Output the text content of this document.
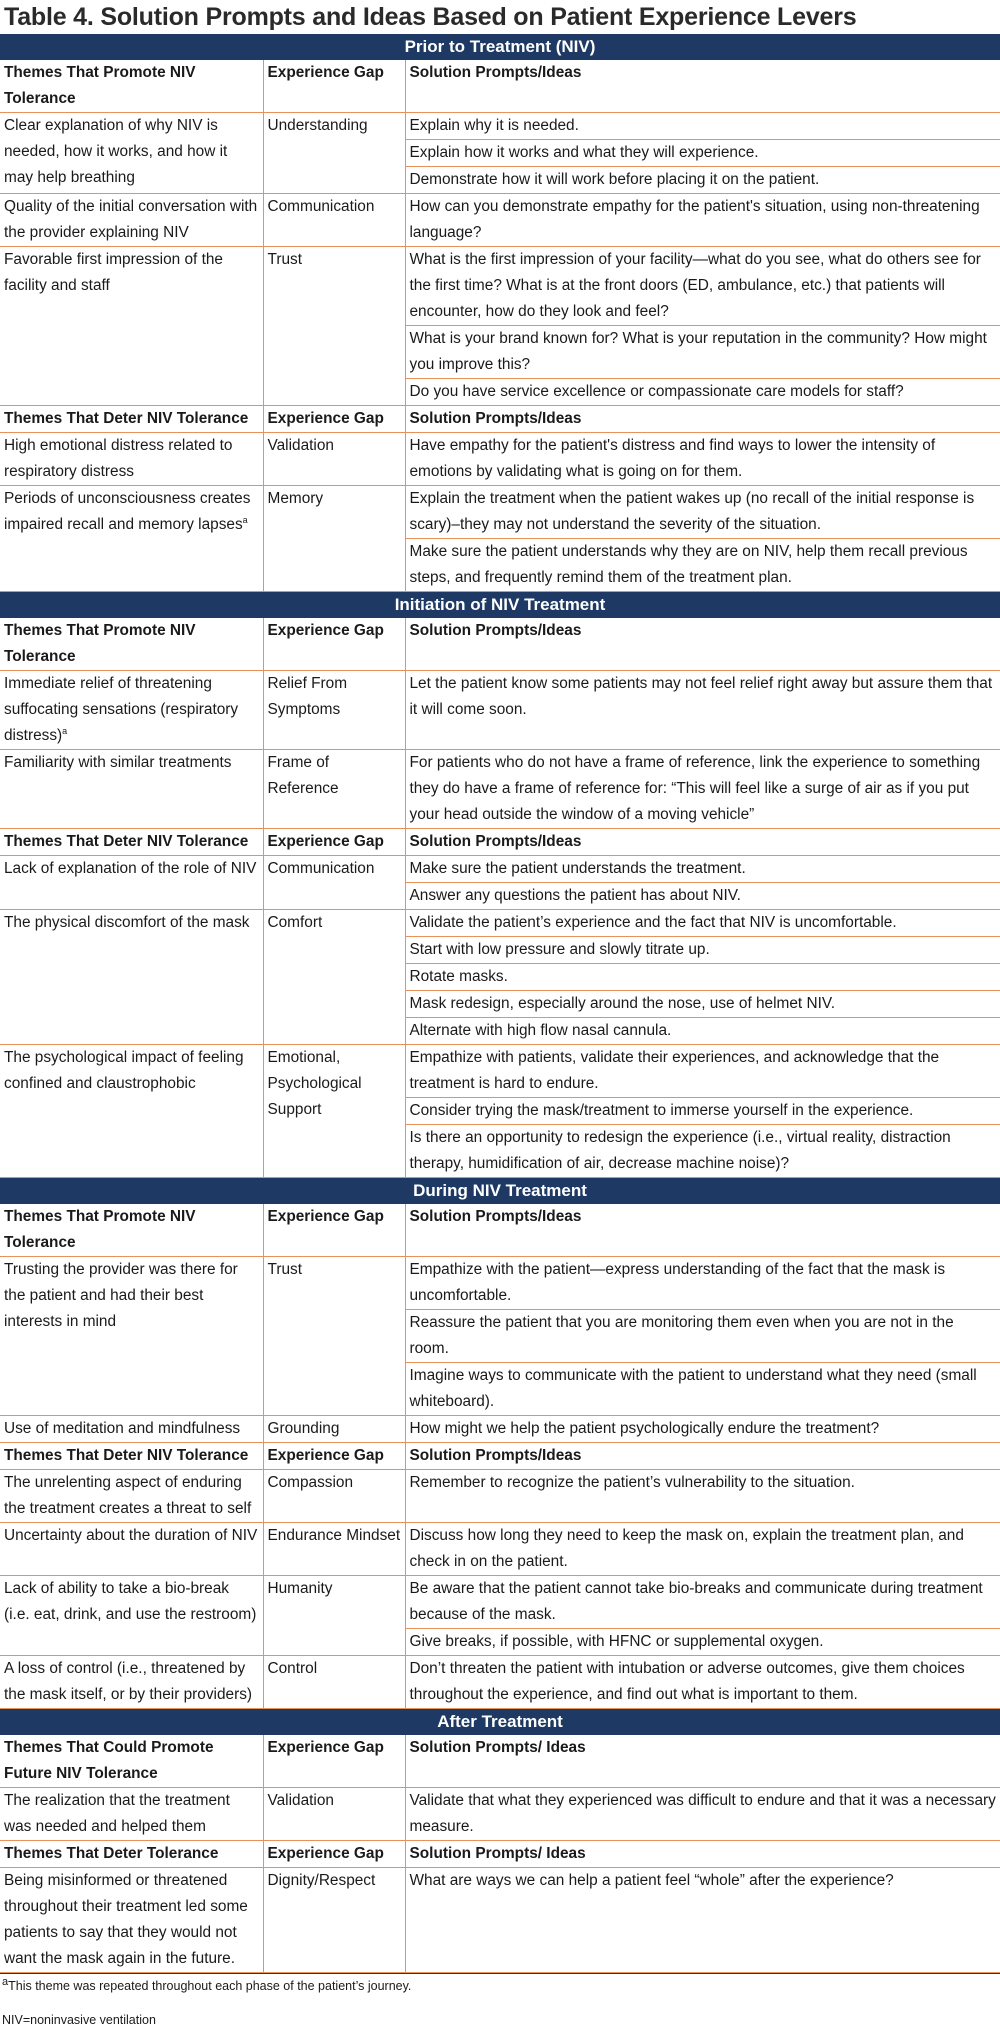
Table 4. Solution Prompts and Ideas Based on Patient Experience Levers
Prior to Treatment (NIV)		
Themes That Promote NIV Tolerance	Experience Gap	Solution Prompts/Ideas
Clear explanation of why NIV is needed, how it works, and how it may help breathing	Understanding	Explain why it is needed.
		Explain how it works and what they will experience.
		Demonstrate how it will work before placing it on the patient.
Quality of the initial conversation with the provider explaining NIV	Communication	How can you demonstrate empathy for the patient's situation, using non-threatening language?
Favorable first impression of the facility and staff	Trust	What is the first impression of your facility—what do you see, what do others see for the first time? What is at the front doors (ED, ambulance, etc.) that patients will encounter, how do they look and feel?
		What is your brand known for? What is your reputation in the community? How might you improve this?
		Do you have service excellence or compassionate care models for staff?
Themes That Deter NIV Tolerance	Experience Gap	Solution Prompts/Ideas
High emotional distress related to respiratory distress	Validation	Have empathy for the patient's distress and find ways to lower the intensity of emotions by validating what is going on for them.
Periods of unconsciousness creates impaired recall and memory lapses$^a$	Memory	Explain the treatment when the patient wakes up (no recall of the initial response is scary)–they may not understand the severity of the situation.
		Make sure the patient understands why they are on NIV, help them recall previous steps, and frequently remind them of the treatment plan.
Initiation of NIV Treatment		
Themes That Promote NIV Tolerance	Experience Gap	Solution Prompts/Ideas
Immediate relief of threatening suffocating sensations (respiratory distress)$^a$	Relief From Symptoms	Let the patient know some patients may not feel relief right away but assure them that it will come soon.
Familiarity with similar treatments	Frame of Reference	For patients who do not have a frame of reference, link the experience to something they do have a frame of reference for: “This will feel like a surge of air as if you put your head outside the window of a moving vehicle”
Themes That Deter NIV Tolerance	Experience Gap	Solution Prompts/Ideas
Lack of explanation of the role of NIV	Communication	Make sure the patient understands the treatment.
		Answer any questions the patient has about NIV.
The physical discomfort of the mask	Comfort	Validate the patient’s experience and the fact that NIV is uncomfortable.
		Start with low pressure and slowly titrate up.
		Rotate masks.
		Mask redesign, especially around the nose, use of helmet NIV.
		Alternate with high flow nasal cannula.
The psychological impact of feeling confined and claustrophobic	Emotional, Psychological Support	Empathize with patients, validate their experiences, and acknowledge that the treatment is hard to endure.
		Consider trying the mask/treatment to immerse yourself in the experience.
		Is there an opportunity to redesign the experience (i.e., virtual reality, distraction therapy, humidification of air, decrease machine noise)?
During NIV Treatment		
Themes That Promote NIV Tolerance	Experience Gap	Solution Prompts/Ideas
Trusting the provider was there for the patient and had their best interests in mind	Trust	Empathize with the patient—express understanding of the fact that the mask is uncomfortable.
		Reassure the patient that you are monitoring them even when you are not in the room.
		Imagine ways to communicate with the patient to understand what they need (small whiteboard).
Use of meditation and mindfulness	Grounding	How might we help the patient psychologically endure the treatment?
Themes That Deter NIV Tolerance	Experience Gap	Solution Prompts/Ideas
The unrelenting aspect of enduring the treatment creates a threat to self	Compassion	Remember to recognize the patient’s vulnerability to the situation.
Uncertainty about the duration of NIV	Endurance Mindset	Discuss how long they need to keep the mask on, explain the treatment plan, and check in on the patient.
Lack of ability to take a bio-break (i.e. eat, drink, and use the restroom)	Humanity	Be aware that the patient cannot take bio-breaks and communicate during treatment because of the mask.
		Give breaks, if possible, with HFNC or supplemental oxygen.
A loss of control (i.e., threatened by the mask itself, or by their providers)	Control	Don’t threaten the patient with intubation or adverse outcomes, give them choices throughout the experience, and find out what is important to them.
After Treatment		
Themes That Could Promote Future NIV Tolerance	Experience Gap	Solution Prompts/ Ideas
The realization that the treatment was needed and helped them	Validation	Validate that what they experienced was difficult to endure and that it was a necessary measure.
Themes That Deter Tolerance	Experience Gap	Solution Prompts/ Ideas
Being misinformed or threatened throughout their treatment led some patients to say that they would not want the mask again in the future.	Dignity/Respect	What are ways we can help a patient feel “whole” after the experience?
$^a$This theme was repeated throughout each phase of the patient’s journey.
NIV=noninvasive ventilation
